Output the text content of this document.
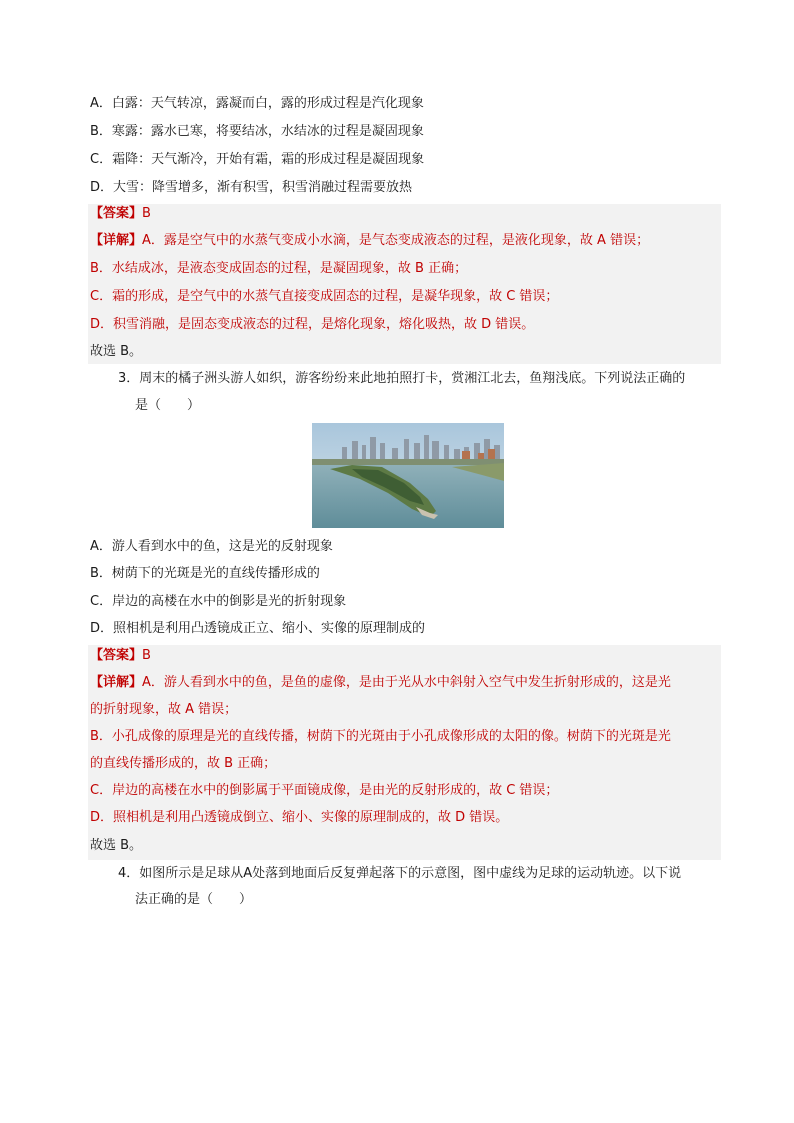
A．白露：天气转凉，露凝而白，露的形成过程是汽化现象
B．寒露：露水已寒，将要结冰，水结冰的过程是凝固现象
C．霜降：天气渐冷，开始有霜，霜的形成过程是凝固现象
D．大雪：降雪增多，渐有积雪，积雪消融过程需要放热
【答案】B
【详解】A．露是空气中的水蒸气变成小水滴，是气态变成液态的过程，是液化现象，故 A 错误；
B．水结成冰，是液态变成固态的过程，是凝固现象，故 B 正确；
C．霜的形成，是空气中的水蒸气直接变成固态的过程，是凝华现象，故 C 错误；
D．积雪消融，是固态变成液态的过程，是熔化现象，熔化吸热，故 D 错误。
故选 B。
3．周末的橘子洲头游人如织，游客纷纷来此地拍照打卡，赏湘江北去，鱼翔浅底。下列说法正确的
是（　　）
A．游人看到水中的鱼，这是光的反射现象
B．树荫下的光斑是光的直线传播形成的
C．岸边的高楼在水中的倒影是光的折射现象
D．照相机是利用凸透镜成正立、缩小、实像的原理制成的
【答案】B
【详解】A．游人看到水中的鱼，是鱼的虚像，是由于光从水中斜射入空气中发生折射形成的，这是光
的折射现象，故 A 错误；
B．小孔成像的原理是光的直线传播，树荫下的光斑由于小孔成像形成的太阳的像。树荫下的光斑是光
的直线传播形成的，故 B 正确；
C．岸边的高楼在水中的倒影属于平面镜成像，是由光的反射形成的，故 C 错误；
D．照相机是利用凸透镜成倒立、缩小、实像的原理制成的，故 D 错误。
故选 B。
4．如图所示是足球从A处落到地面后反复弹起落下的示意图，图中虚线为足球的运动轨迹。以下说
法正确的是（　　）
